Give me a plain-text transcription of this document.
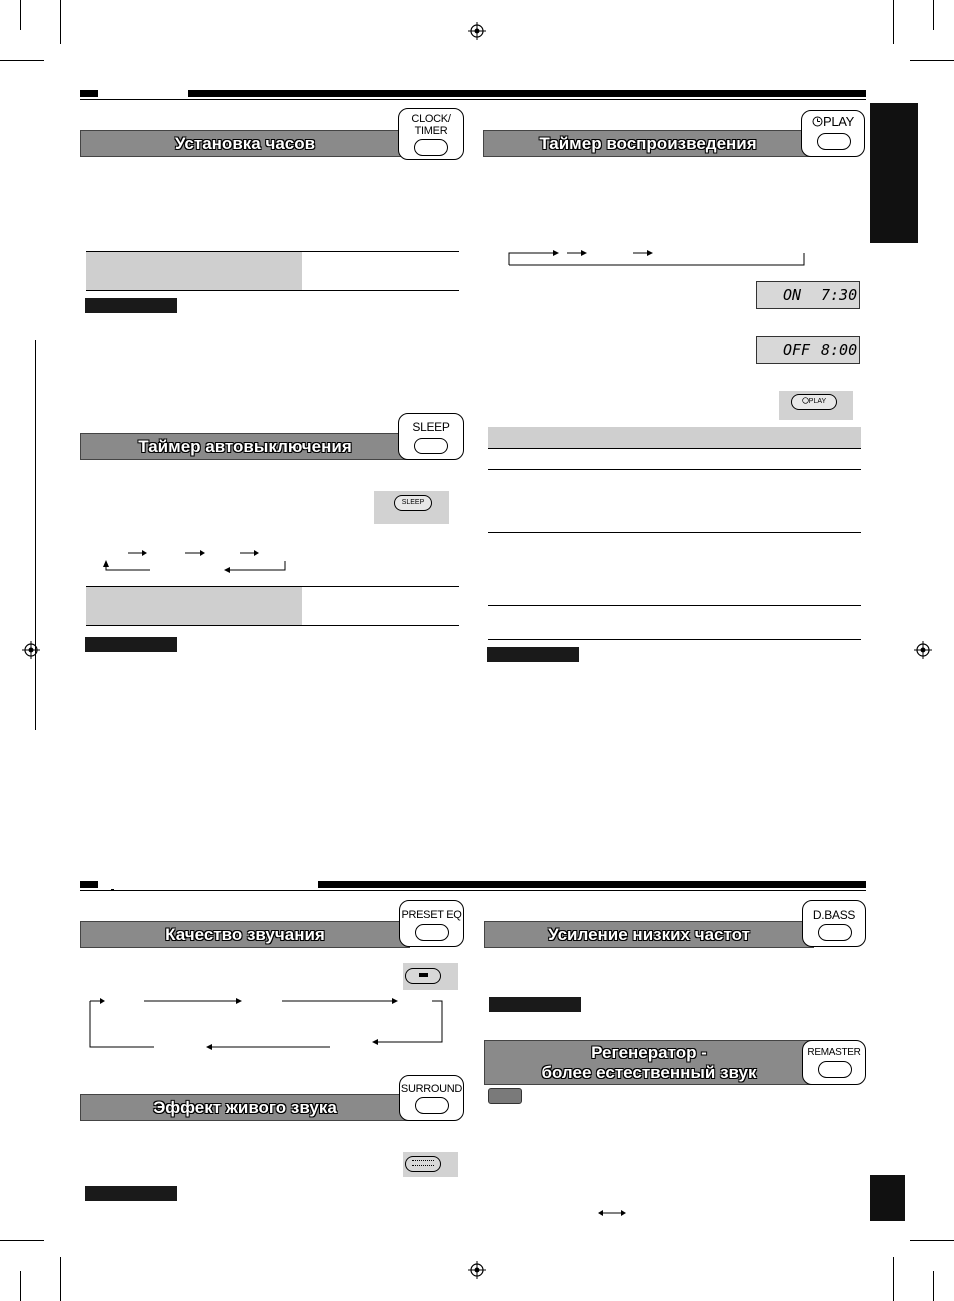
Установка часов
CLOCK/
TIMER
Таймер автовыключения
SLEEP
SLEEP
Таймер воспроизведения
PLAY
ON 7:30
OFF 8:00
PLAY
Качество звучания
PRESET EQ
Эффект живого звука
SURROUND
Усиление низких частот
D.BASS
Регенератор -
более естественный звук
REMASTER
